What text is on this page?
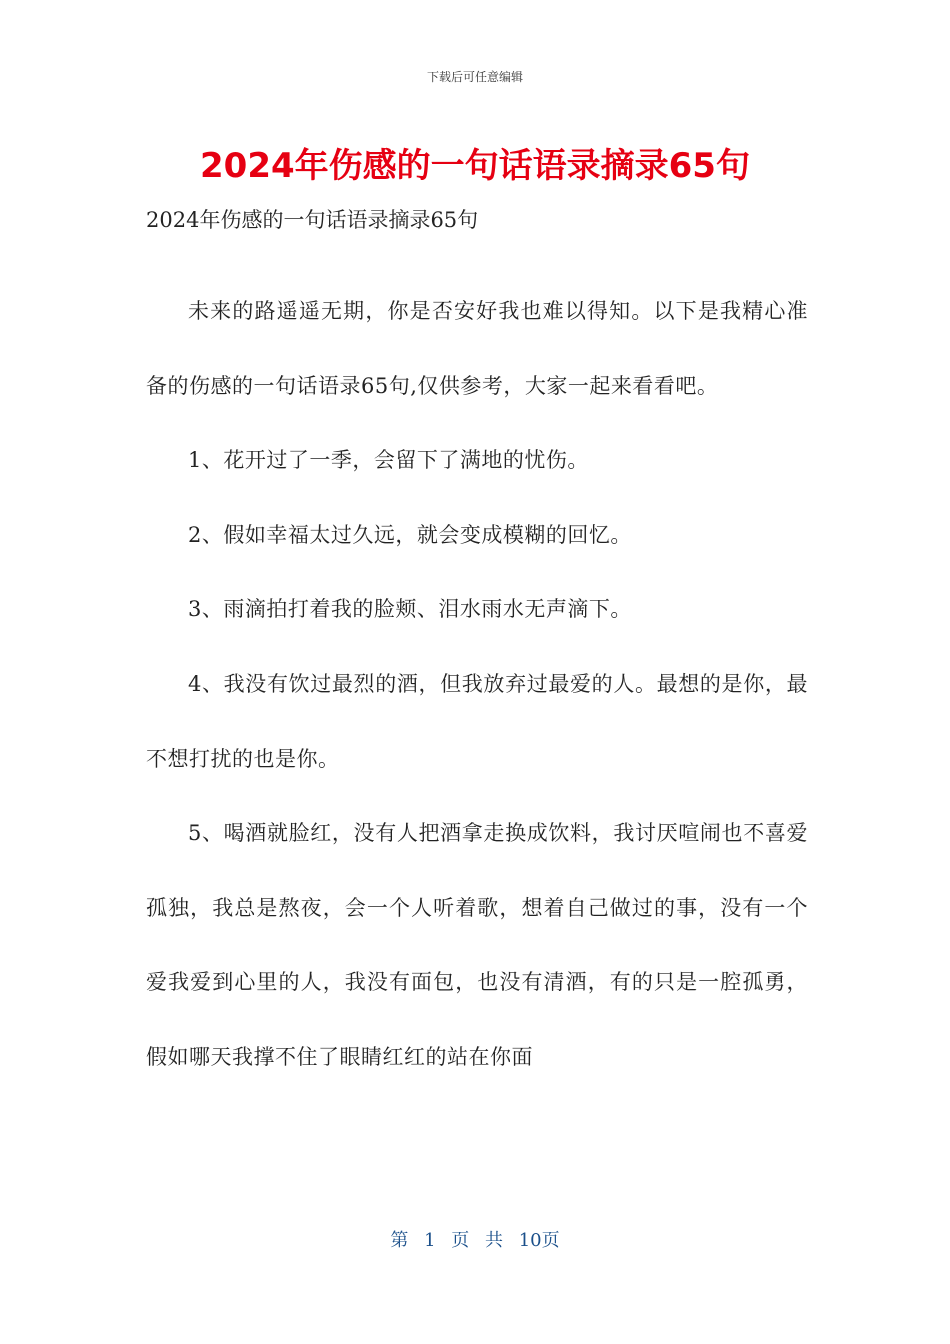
下载后可任意编辑
2024年伤感的一句话语录摘录65句

2024年伤感的一句话语录摘录65句

未来的路遥遥无期，你是否安好我也难以得知。以下是我精心准备的伤感的一句话语录65句,仅供参考，大家一起来看看吧。

1、花开过了一季，会留下了满地的忧伤。

2、假如幸福太过久远，就会变成模糊的回忆。

3、雨滴拍打着我的脸颊、泪水雨水无声滴下。

4、我没有饮过最烈的酒，但我放弃过最爱的人。最想的是你，最不想打扰的也是你。

5、喝酒就脸红，没有人把酒拿走换成饮料，我讨厌喧闹也不喜爱孤独，我总是熬夜，会一个人听着歌，想着自己做过的事，没有一个爱我爱到心里的人，我没有面包，也没有清酒，有的只是一腔孤勇，假如哪天我撑不住了眼睛红红的站在你面

第 1 页 共 10页
